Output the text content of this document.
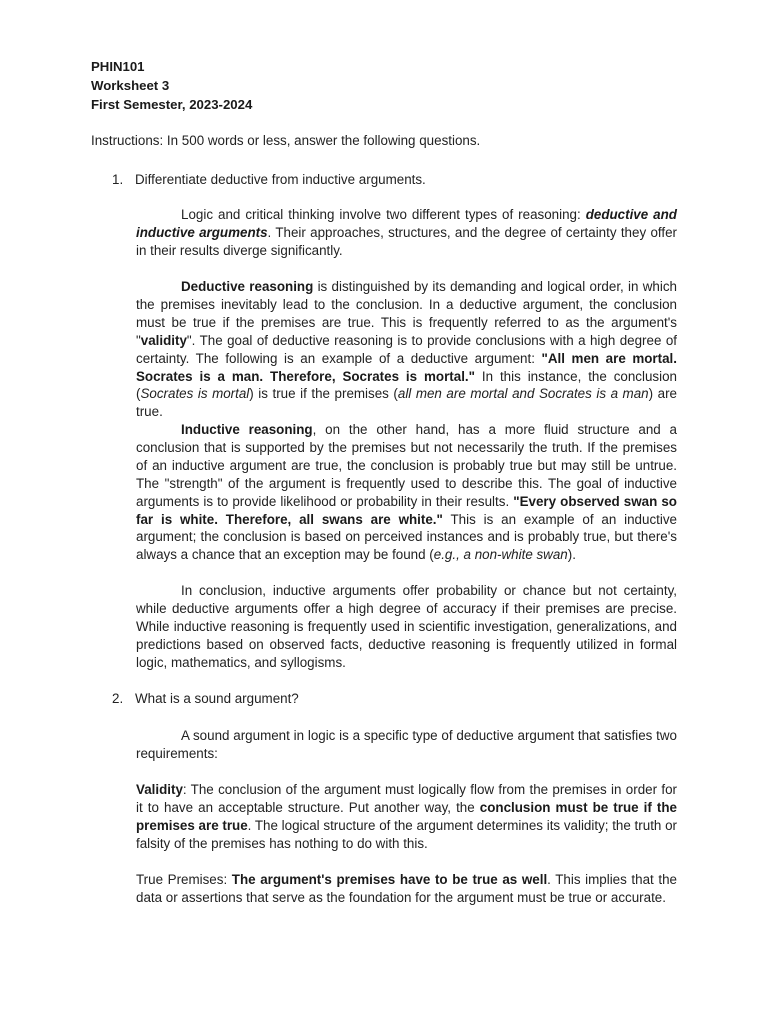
PHIN101
Worksheet 3
First Semester, 2023-2024
Instructions: In 500 words or less, answer the following questions.
1. Differentiate deductive from inductive arguments.

Logic and critical thinking involve two different types of reasoning: deductive and inductive arguments. Their approaches, structures, and the degree of certainty they offer in their results diverge significantly.

Deductive reasoning is distinguished by its demanding and logical order, in which the premises inevitably lead to the conclusion. In a deductive argument, the conclusion must be true if the premises are true. This is frequently referred to as the argument's "validity". The goal of deductive reasoning is to provide conclusions with a high degree of certainty. The following is an example of a deductive argument: "All men are mortal. Socrates is a man. Therefore, Socrates is mortal." In this instance, the conclusion (Socrates is mortal) is true if the premises (all men are mortal and Socrates is a man) are true.

Inductive reasoning, on the other hand, has a more fluid structure and a conclusion that is supported by the premises but not necessarily the truth. If the premises of an inductive argument are true, the conclusion is probably true but may still be untrue. The "strength" of the argument is frequently used to describe this. The goal of inductive arguments is to provide likelihood or probability in their results. "Every observed swan so far is white. Therefore, all swans are white." This is an example of an inductive argument; the conclusion is based on perceived instances and is probably true, but there's always a chance that an exception may be found (e.g., a non-white swan).

In conclusion, inductive arguments offer probability or chance but not certainty, while deductive arguments offer a high degree of accuracy if their premises are precise. While inductive reasoning is frequently used in scientific investigation, generalizations, and predictions based on observed facts, deductive reasoning is frequently utilized in formal logic, mathematics, and syllogisms.

2. What is a sound argument?

A sound argument in logic is a specific type of deductive argument that satisfies two requirements:

Validity: The conclusion of the argument must logically flow from the premises in order for it to have an acceptable structure. Put another way, the conclusion must be true if the premises are true. The logical structure of the argument determines its validity; the truth or falsity of the premises has nothing to do with this.

True Premises: The argument's premises have to be true as well. This implies that the data or assertions that serve as the foundation for the argument must be true or accurate.
